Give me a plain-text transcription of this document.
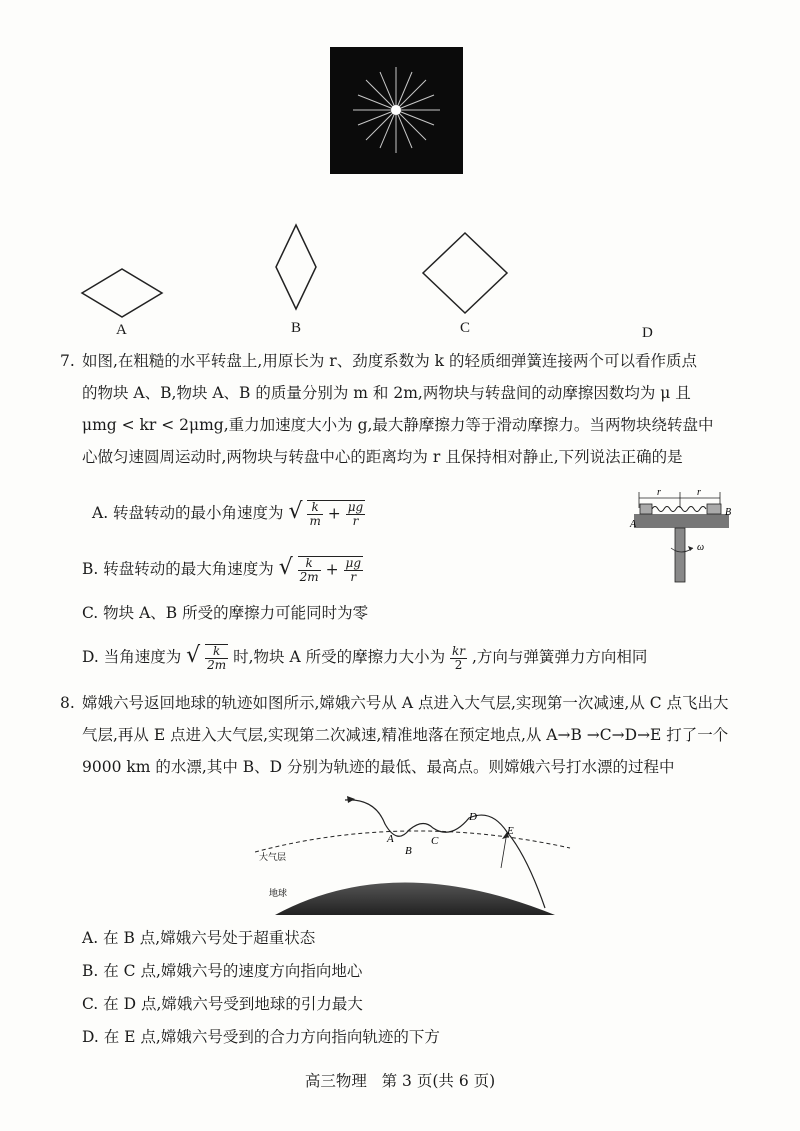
A	B	C	D
7. 如图,在粗糙的水平转盘上,用原长为 r、劲度系数为 k 的轻质细弹簧连接两个可以看作质点
的物块 A、B,物块 A、B 的质量分别为 m 和 2m,两物块与转盘间的动摩擦因数均为 μ 且
μmg < kr < 2μmg,重力加速度大小为 g,最大静摩擦力等于滑动摩擦力。当两物块绕转盘中
心做匀速圆周运动时,两物块与转盘中心的距离均为 r 且保持相对静止,下列说法正确的是
A. 转盘转动的最小角速度为 √ $\frac{k}{m} + \frac{\mu g}{r}$
B. 转盘转动的最大角速度为 √ $\frac{k}{2m} + \frac{\mu g}{r}$
C. 物块 A、B 所受的摩擦力可能同时为零
D. 当角速度为 √ $\frac{k}{2m}$ 时,物块 A 所受的摩擦力大小为 $\frac{kr}{2}$ ,方向与弹簧弹力方向相同
A
B
r	r
ω
8. 嫦娥六号返回地球的轨迹如图所示,嫦娥六号从 A 点进入大气层,实现第一次减速,从 C 点飞出大
气层,再从 E 点进入大气层,实现第二次减速,精准地落在预定地点,从 A→B →C→D→E 打了一个
9000 km 的水漂,其中 B、D 分别为轨迹的最低、最高点。则嫦娥六号打水漂的过程中
大气层
地球
A
B
C
D
E
A. 在 B 点,嫦娥六号处于超重状态
B. 在 C 点,嫦娥六号的速度方向指向地心
C. 在 D 点,嫦娥六号受到地球的引力最大
D. 在 E 点,嫦娥六号受到的合力方向指向轨迹的下方
高三物理   第 3 页(共 6 页)
